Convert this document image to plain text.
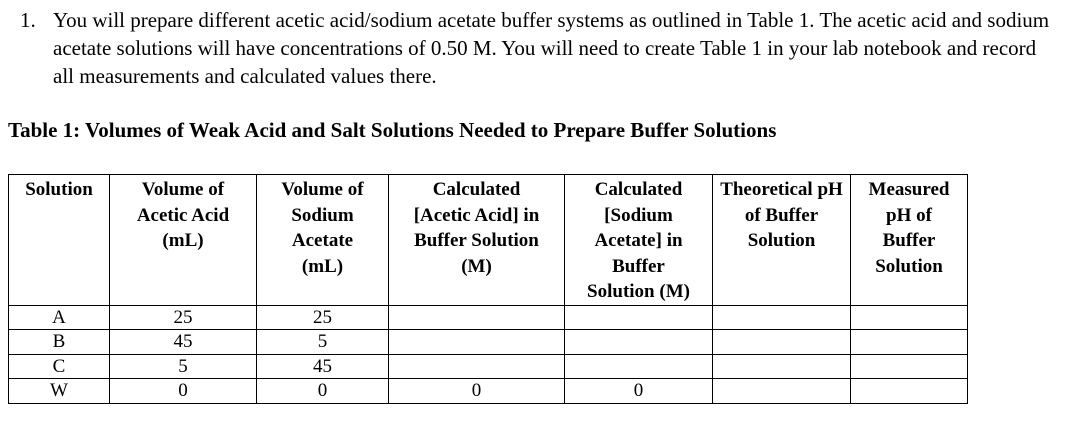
1. You will prepare different acetic acid/sodium acetate buffer systems as outlined in Table 1. The acetic acid and sodium acetate solutions will have concentrations of 0.50 M. You will need to create Table 1 in your lab notebook and record all measurements and calculated values there.
Table 1: Volumes of Weak Acid and Salt Solutions Needed to Prepare Buffer Solutions
Solution	Volume of Acetic Acid (mL)	Volume of Sodium Acetate (mL)	Calculated [Acetic Acid] in Buffer Solution (M)	Calculated [Sodium Acetate] in Buffer Solution (M)	Theoretical pH of Buffer Solution	Measured pH of Buffer Solution
A	25	25				
B	45	5				
C	5	45				
W	0	0	0	0		
